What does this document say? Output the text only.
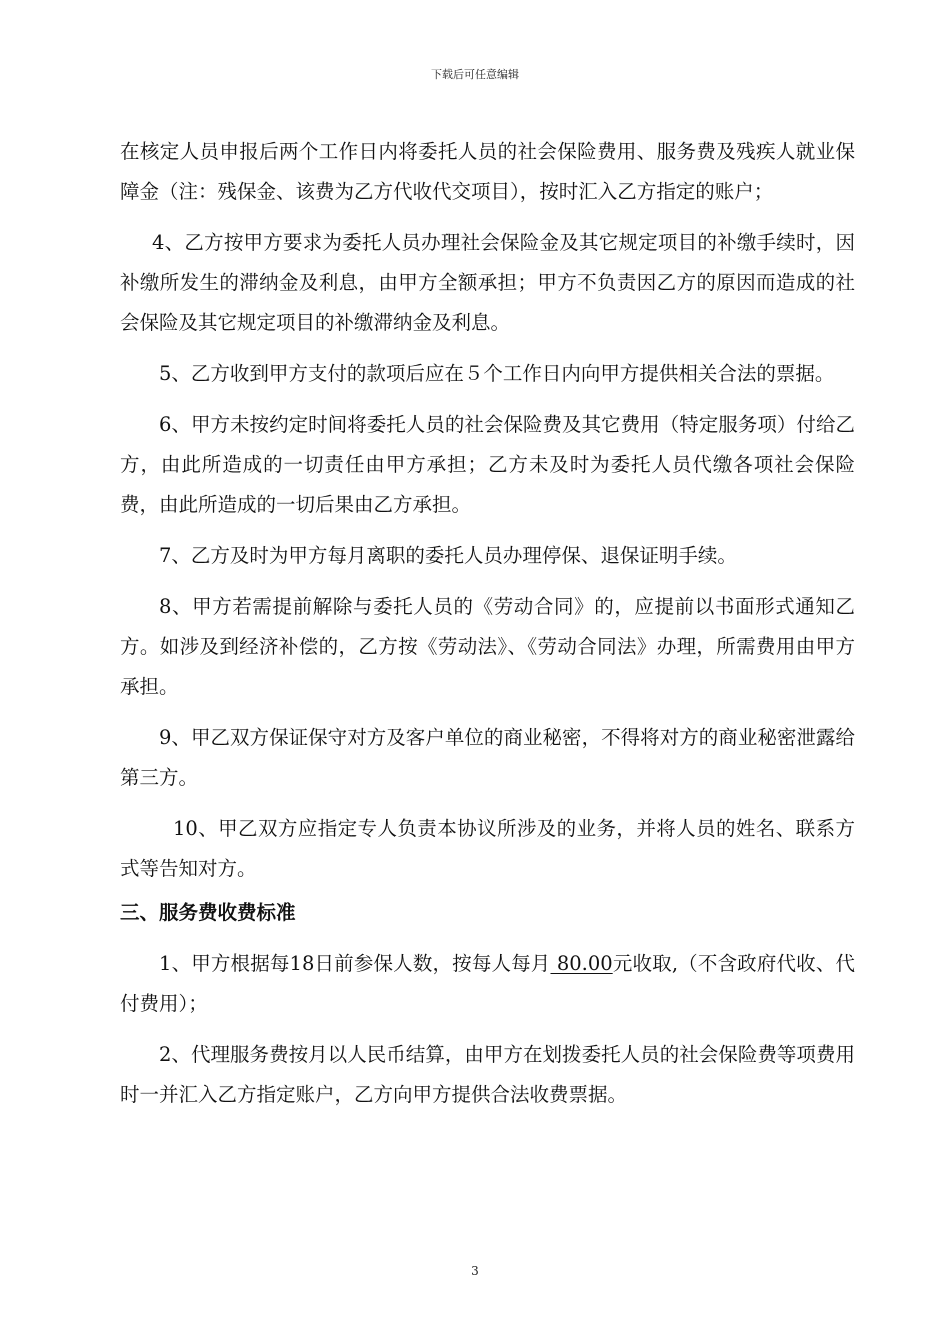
下载后可任意编辑

在核定人员申报后两个工作日内将委托人员的社会保险费用、服务费及残疾人就业保障金（注：残保金、该费为乙方代收代交项目），按时汇入乙方指定的账户；

4、乙方按甲方要求为委托人员办理社会保险金及其它规定项目的补缴手续时，因补缴所发生的滞纳金及利息，由甲方全额承担；甲方不负责因乙方的原因而造成的社会保险及其它规定项目的补缴滞纳金及利息。

5、乙方收到甲方支付的款项后应在５个工作日内向甲方提供相关合法的票据。

6、甲方未按约定时间将委托人员的社会保险费及其它费用（特定服务项）付给乙方，由此所造成的一切责任由甲方承担；乙方未及时为委托人员代缴各项社会保险费，由此所造成的一切后果由乙方承担。

7、乙方及时为甲方每月离职的委托人员办理停保、退保证明手续。

8、甲方若需提前解除与委托人员的《劳动合同》的，应提前以书面形式通知乙方。如涉及到经济补偿的，乙方按《劳动法》、《劳动合同法》办理，所需费用由甲方承担。

9、甲乙双方保证保守对方及客户单位的商业秘密，不得将对方的商业秘密泄露给第三方。

10、甲乙双方应指定专人负责本协议所涉及的业务，并将人员的姓名、联系方式等告知对方。

三、服务费收费标准

1、甲方根据每18日前参保人数，按每人每月 80.00元收取,（不含政府代收、代付费用）；

2、代理服务费按月以人民币结算，由甲方在划拨委托人员的社会保险费等项费用时一并汇入乙方指定账户，乙方向甲方提供合法收费票据。

3
